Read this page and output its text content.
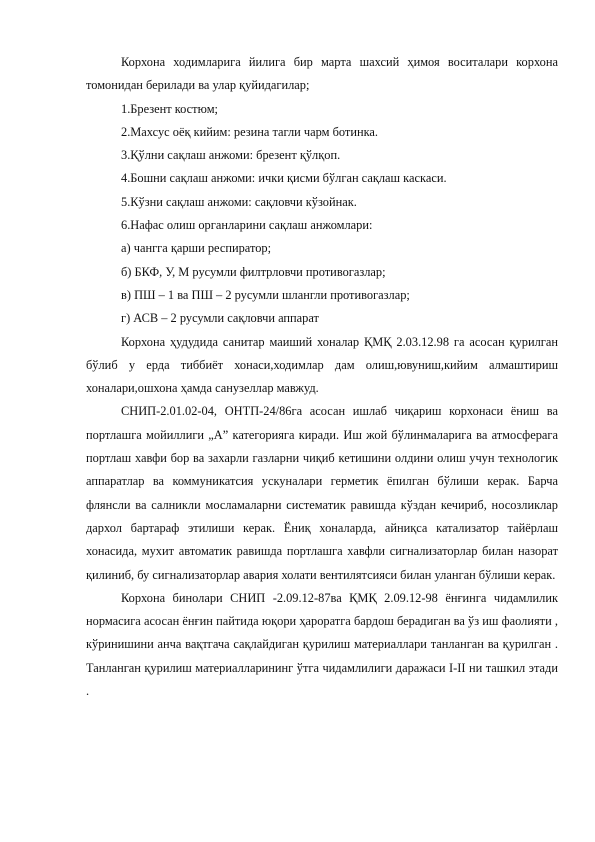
Корхона ходимларига йилига бир марта шахсий ҳимоя воситалари корхона томонидан берилади ва улар қуйидагилар;

1.Брезент костюм;
2.Махсус оёқ кийим: резина тагли чарм ботинка.
3.Қўлни сақлаш анжоми: брезент қўлқоп.
4.Бошни сақлаш анжоми: ички қисми бўлган сақлаш каскаси.
5.Кўзни сақлаш анжоми: сақловчи кўзойнак.
6.Нафас олиш органларини сақлаш анжомлари:
а) чангга қарши респиратор;
б) БКФ, У, М русумли филтрловчи противогазлар;
в) ПШ – 1 ва ПШ – 2 русумли шлангли противогазлар;
г) АСВ – 2 русумли сақловчи аппарат

Корхона ҳудудида санитар маиший хоналар ҚМҚ 2.03.12.98 га асосан қурилган бўлиб у ерда тиббиёт хонаси,ходимлар дам олиш,ювуниш,кийим алмаштириш хоналари,ошхона ҳамда санузеллар мавжуд.

СНИП-2.01.02-04, ОНТП-24/86га асосан ишлаб чиқариш корхонаси ёниш ва портлашга мойиллиги „А” категорияга киради. Иш жой бўлинмаларига ва атмосферага портлаш хавфи бор ва захарли газларни чиқиб кетишини олдини олиш учун технологик аппаратлар ва коммуникатсия ускуналари герметик ёпилган бўлиши керак. Барча флянсли ва салникли мосламаларни систематик равишда кўздан кечириб, носозликлар дархол бартараф этилиши керак. Ёниқ хоналарда, айниқса катализатор тайёрлаш хонасида, мухит автоматик равишда портлашга хавфли сигнализаторлар билан назорат қилиниб, бу сигнализаторлар авария холати вентилятсияси билан уланган бўлиши керак.

Корхона бинолари СНИП -2.09.12-87ва ҚМҚ 2.09.12-98 ёнғинга чидамлилик нормасига асосан ёнғин пайтида юқори ҳароратга бардош берадиган ва ўз иш фаолияти , кўринишини анча вақтгача сақлайдиган қурилиш материаллари танланган ва қурилган . Танланган қурилиш материалларининг ўтга чидамлилиги даражаси I-II ни ташкил этади .
